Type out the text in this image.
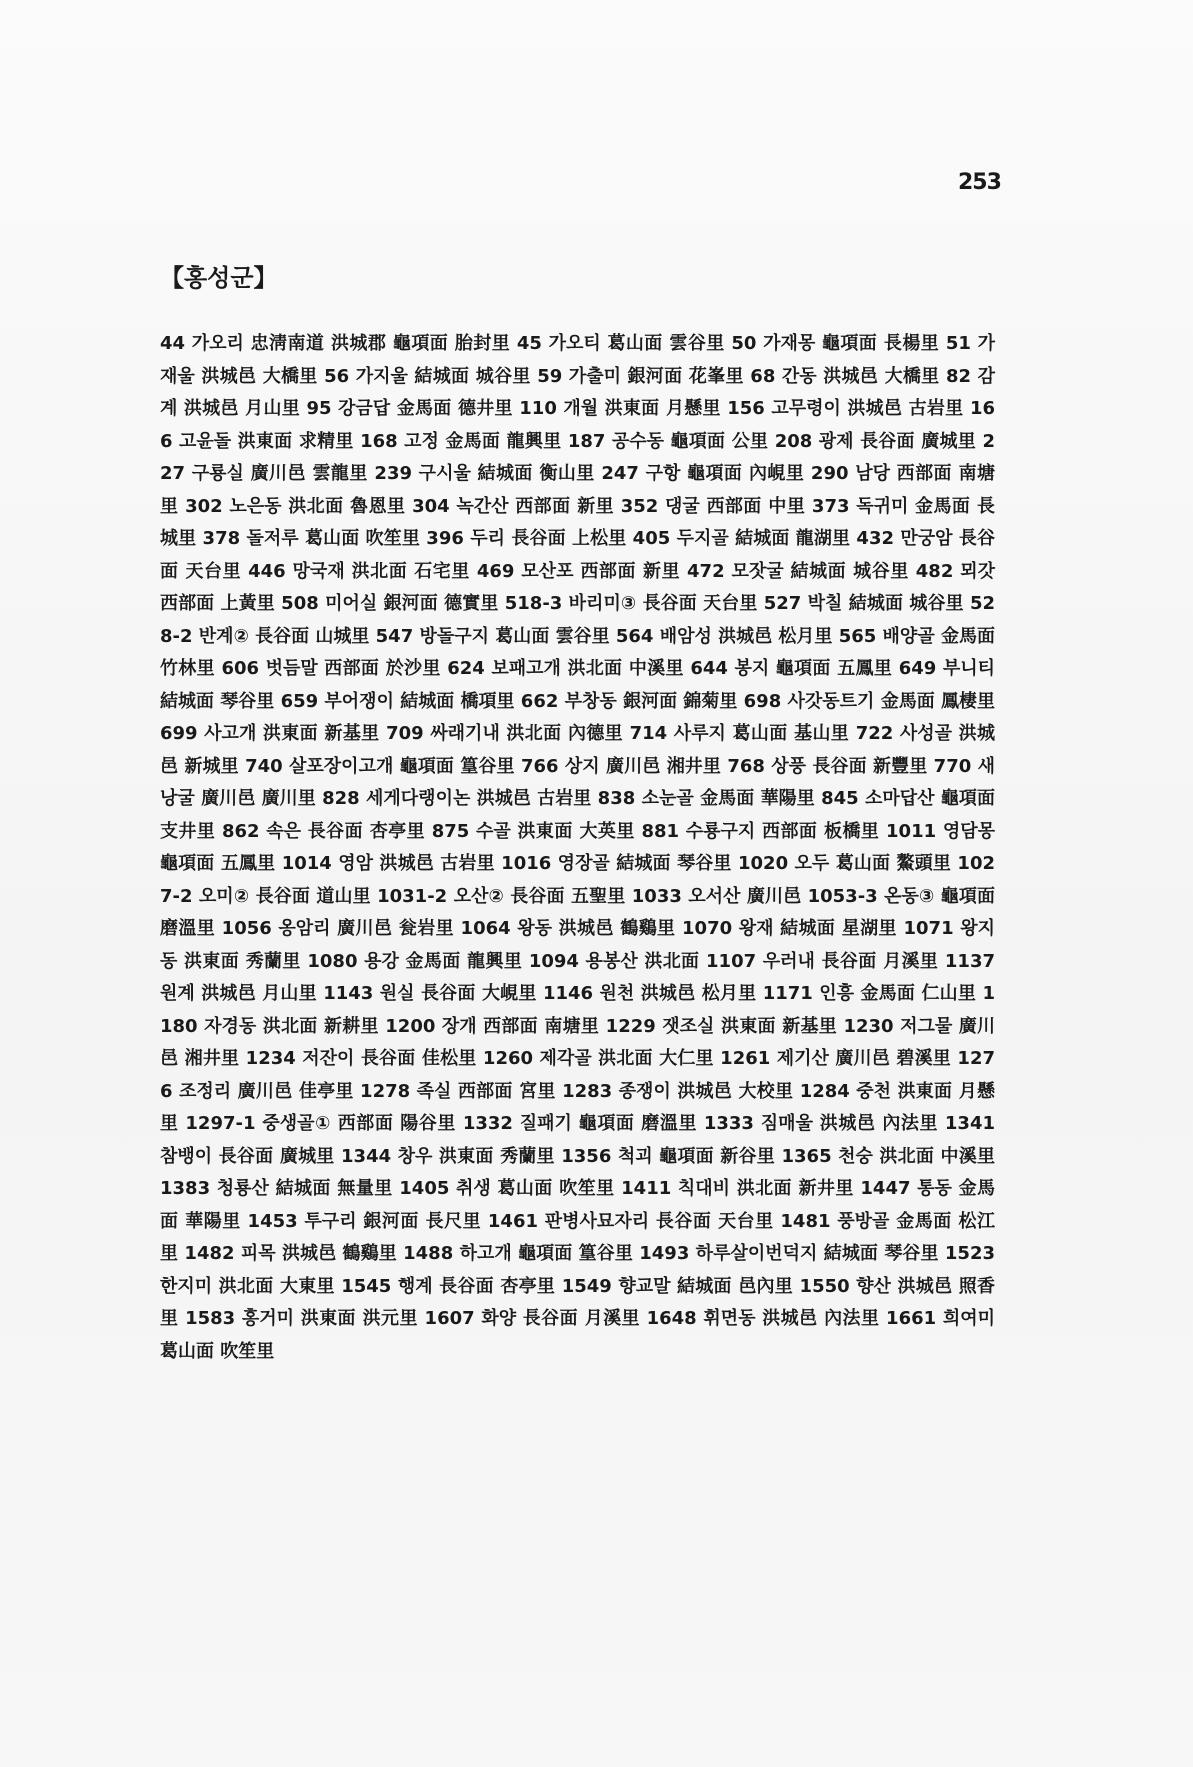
253
【홍성군】
44 가오리 忠淸南道 洪城郡 龜項面 胎封里 45 가오티 葛山面 雲谷里 50 가재몽 龜項面 長楊里 51 가재울 洪城邑 大橋里 56 가지울 結城面 城谷里 59 가출미 銀河面 花峯里 68 간동 洪城邑 大橋里 82 감계 洪城邑 月山里 95 강금답 金馬面 德井里 110 개월 洪東面 月懸里 156 고무령이 洪城邑 古岩里 166 고윤돌 洪東面 求精里 168 고정 金馬面 龍興里 187 공수동 龜項面 公里 208 광제 長谷面 廣城里 227 구룡실 廣川邑 雲龍里 239 구시울 結城面 衡山里 247 구항 龜項面 內峴里 290 남당 西部面 南塘里 302 노은동 洪北面 魯恩里 304 녹간산 西部面 新里 352 댕굴 西部面 中里 373 독귀미 金馬面 長城里 378 돌저루 葛山面 吹笙里 396 두리 長谷面 上松里 405 두지골 結城面 龍湖里 432 만궁암 長谷面 天台里 446 망국재 洪北面 石宅里 469 모산포 西部面 新里 472 모잣굴 結城面 城谷里 482 뫼갓 西部面 上黃里 508 미어실 銀河面 德實里 518-3 바리미③ 長谷面 天台里 527 박칠 結城面 城谷里 528-2 반계② 長谷面 山城里 547 방돌구지 葛山面 雲谷里 564 배암성 洪城邑 松月里 565 배양골 金馬面 竹林里 606 벗듬말 西部面 於沙里 624 보패고개 洪北面 中溪里 644 봉지 龜項面 五鳳里 649 부니티 結城面 琴谷里 659 부어쟁이 結城面 橋項里 662 부창동 銀河面 錦菊里 698 사갓동트기 金馬面 鳳棲里 699 사고개 洪東面 新基里 709 싸래기내 洪北面 內德里 714 사루지 葛山面 基山里 722 사성골 洪城邑 新城里 740 살포장이고개 龜項面 篁谷里 766 상지 廣川邑 湘井里 768 상풍 長谷面 新豐里 770 새낭굴 廣川邑 廣川里 828 세게다랭이논 洪城邑 古岩里 838 소눈골 金馬面 華陽里 845 소마답산 龜項面 支井里 862 속은 長谷面 杏亭里 875 수골 洪東面 大英里 881 수룡구지 西部面 板橋里 1011 영담몽 龜項面 五鳳里 1014 영암 洪城邑 古岩里 1016 영장골 結城面 琴谷里 1020 오두 葛山面 鰲頭里 1027-2 오미② 長谷面 道山里 1031-2 오산② 長谷面 五聖里 1033 오서산 廣川邑 1053-3 온동③ 龜項面 磨溫里 1056 옹암리 廣川邑 瓮岩里 1064 왕동 洪城邑 鶴鷄里 1070 왕재 結城面 星湖里 1071 왕지동 洪東面 秀蘭里 1080 용강 金馬面 龍興里 1094 용봉산 洪北面 1107 우러내 長谷面 月溪里 1137 원계 洪城邑 月山里 1143 원실 長谷面 大峴里 1146 원천 洪城邑 松月里 1171 인흥 金馬面 仁山里 1180 자경동 洪北面 新耕里 1200 장개 西部面 南塘里 1229 잿조실 洪東面 新基里 1230 저그물 廣川邑 湘井里 1234 저잔이 長谷面 佳松里 1260 제각골 洪北面 大仁里 1261 제기산 廣川邑 碧溪里 1276 조정리 廣川邑 佳亭里 1278 족실 西部面 宮里 1283 종쟁이 洪城邑 大校里 1284 중천 洪東面 月懸里 1297-1 중생골① 西部面 陽谷里 1332 질패기 龜項面 磨溫里 1333 짐매울 洪城邑 內法里 1341 참뱅이 長谷面 廣城里 1344 창우 洪東面 秀蘭里 1356 척괴 龜項面 新谷里 1365 천숭 洪北面 中溪里 1383 청룡산 結城面 無量里 1405 취생 葛山面 吹笙里 1411 칙대비 洪北面 新井里 1447 통동 金馬面 華陽里 1453 투구리 銀河面 長尺里 1461 판병사묘자리 長谷面 天台里 1481 풍방골 金馬面 松江里 1482 피목 洪城邑 鶴鷄里 1488 하고개 龜項面 篁谷里 1493 하루살이번덕지 結城面 琴谷里 1523 한지미 洪北面 大東里 1545 행계 長谷面 杏亭里 1549 향교말 結城面 邑內里 1550 향산 洪城邑 照香里 1583 홍거미 洪東面 洪元里 1607 화양 長谷面 月溪里 1648 휘면동 洪城邑 內法里 1661 희여미 葛山面 吹笙里
